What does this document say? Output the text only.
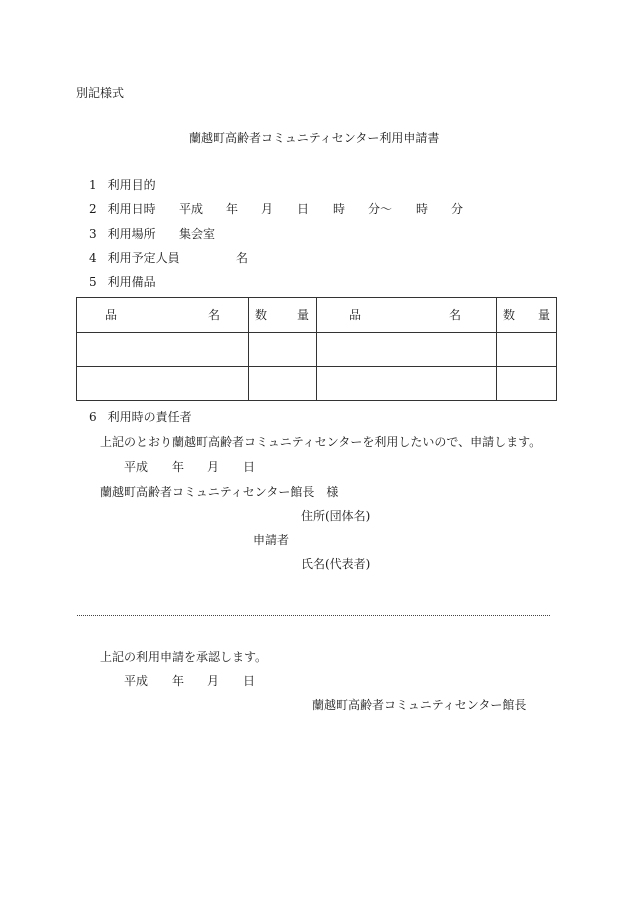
別記様式
蘭越町高齢者コミュニティセンター利用申請書
1 利用目的
2 利用日時 平成 年 月 日 時 分〜 時 分
3 利用場所 集会室
4 利用予定人員	名
5 利用備品
品 名	数 量	品 名	数 量

6 利用時の責任者
上記のとおり蘭越町高齢者コミュニティセンターを利用したいので、申請します。
平成 年 月 日
蘭越町高齢者コミュニティセンター館長　様
住所(団体名)
申請者
氏名(代表者)
上記の利用申請を承認します。
平成 年 月 日
蘭越町高齢者コミュニティセンター館長
